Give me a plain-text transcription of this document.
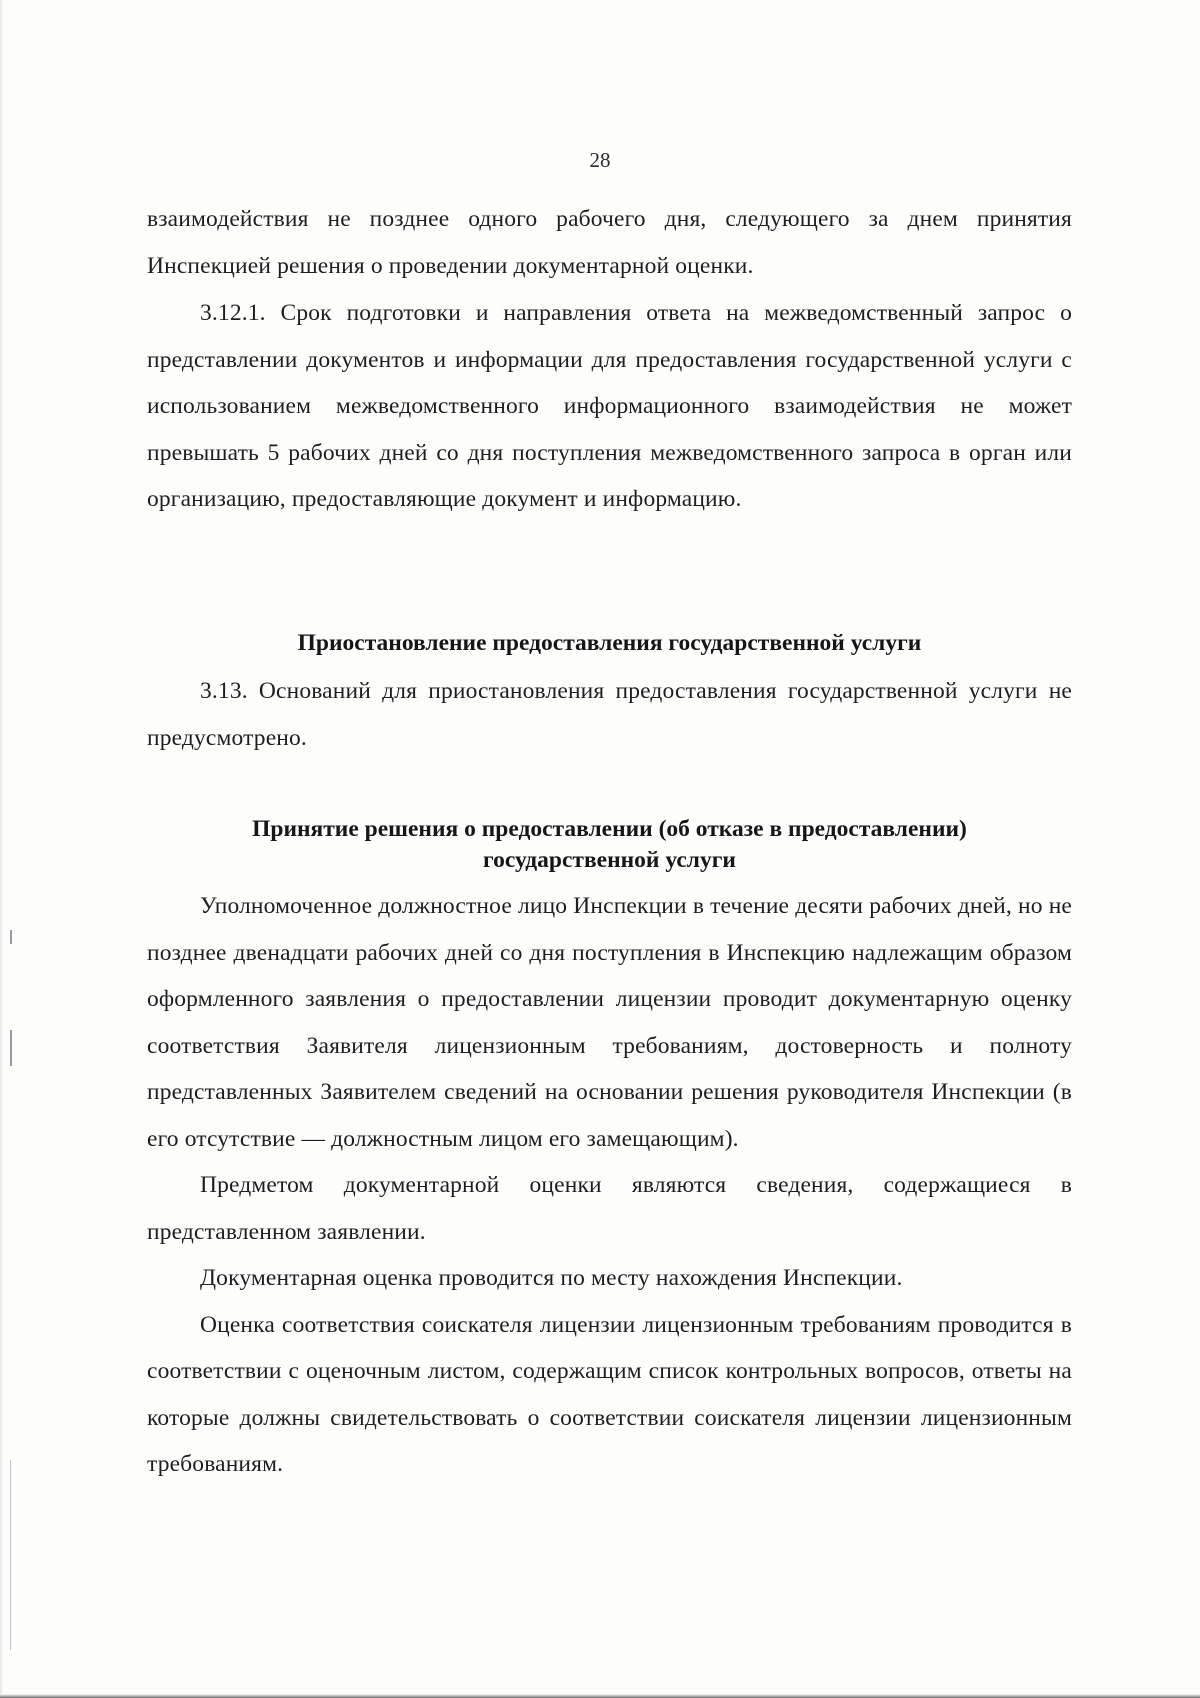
28

взаимодействия не позднее одного рабочего дня, следующего за днем принятия Инспекцией решения о проведении документарной оценки.

3.12.1. Срок подготовки и направления ответа на межведомственный запрос о представлении документов и информации для предоставления государственной услуги с использованием межведомственного информационного взаимодействия не может превышать 5 рабочих дней со дня поступления межведомственного запроса в орган или организацию, предоставляющие документ и информацию.

Приостановление предоставления государственной услуги

3.13. Оснований для приостановления предоставления государственной услуги не предусмотрено.

Принятие решения о предоставлении (об отказе в предоставлении)
государственной услуги

Уполномоченное должностное лицо Инспекции в течение десяти рабочих дней, но не позднее двенадцати рабочих дней со дня поступления в Инспекцию надлежащим образом оформленного заявления о предоставлении лицензии проводит документарную оценку соответствия Заявителя лицензионным требованиям, достоверность и полноту представленных Заявителем сведений на основании решения руководителя Инспекции (в его отсутствие — должностным лицом его замещающим).

Предметом документарной оценки являются сведения, содержащиеся в представленном заявлении.

Документарная оценка проводится по месту нахождения Инспекции.

Оценка соответствия соискателя лицензии лицензионным требованиям проводится в соответствии с оценочным листом, содержащим список контрольных вопросов, ответы на которые должны свидетельствовать о соответствии соискателя лицензии лицензионным требованиям.
